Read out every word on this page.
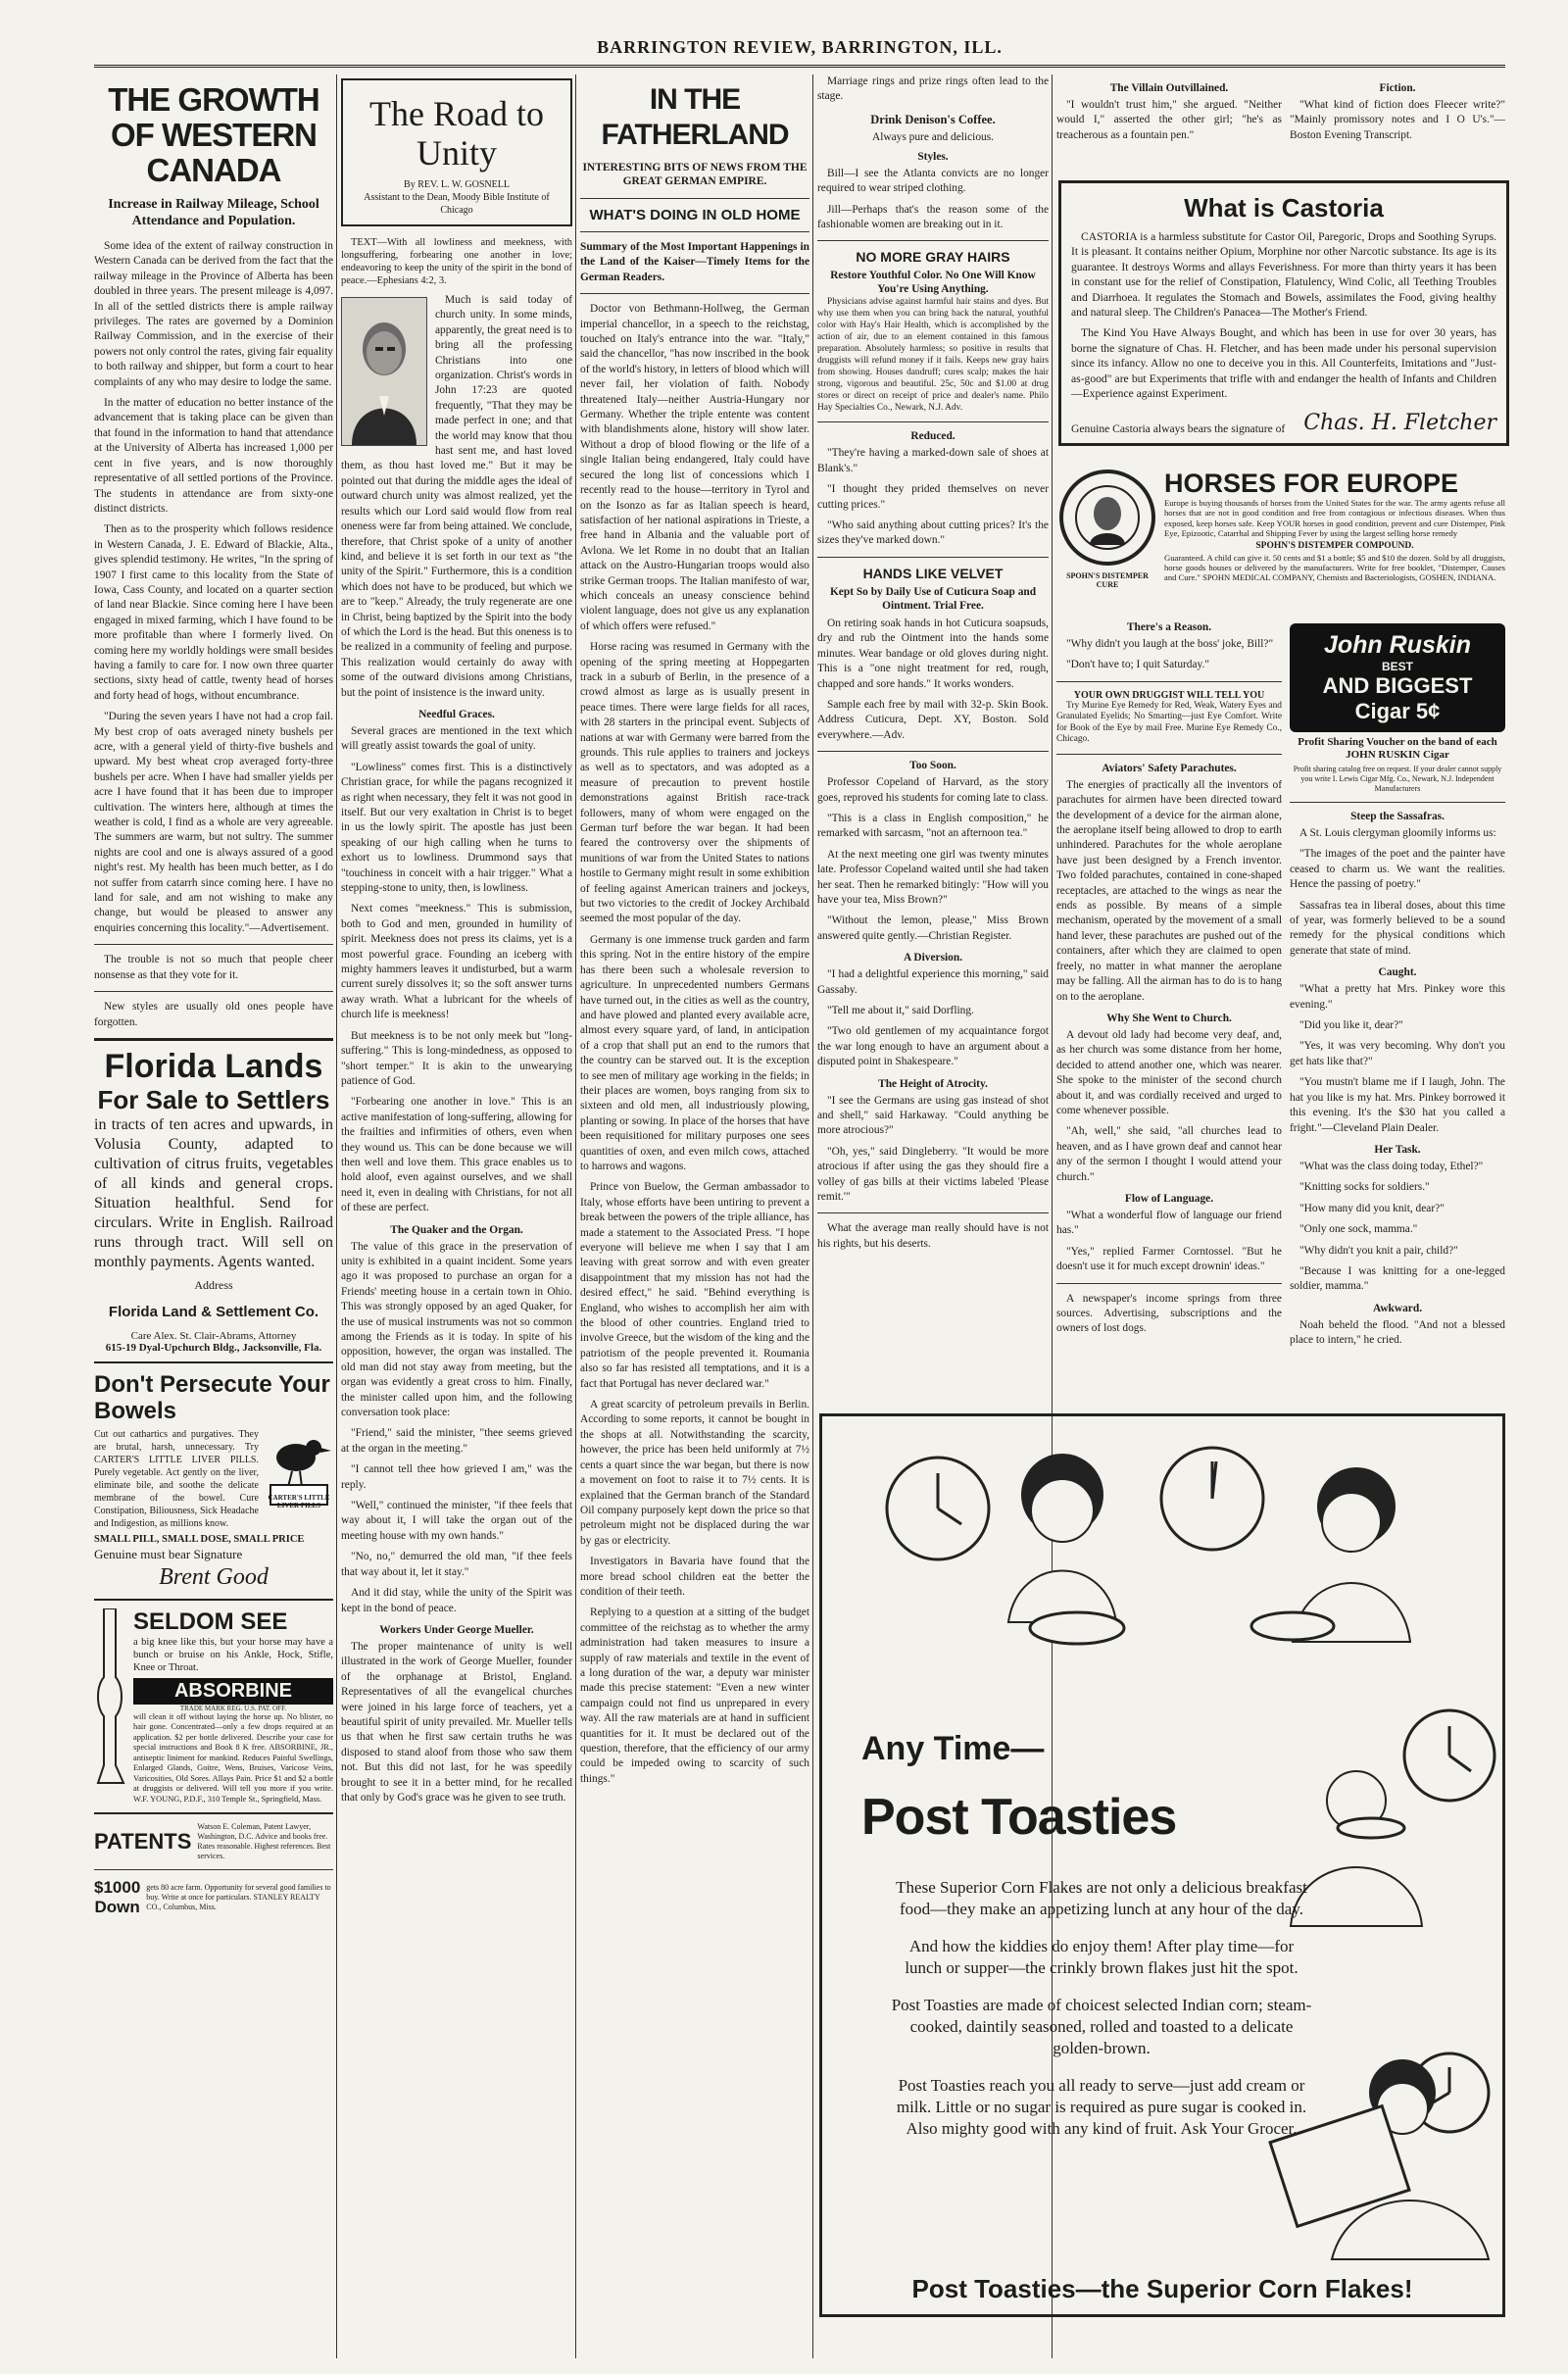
BARRINGTON REVIEW, BARRINGTON, ILL.
THE GROWTH OF WESTERN CANADA
Increase in Railway Mileage, School Attendance and Population.

Some idea of the extent of railway construction in Western Canada can be derived from the fact that the railway mileage in the Province of Alberta has been doubled in three years. The present mileage is 4,097. In all of the settled districts there is ample railway privileges. The rates are governed by a Dominion Railway Commission, and in the exercise of their powers not only control the rates, giving fair equality to both railway and shipper, but form a court to hear complaints of any who may desire to lodge the same.

In the matter of education no better instance of the advancement that is taking place can be given than that found in the information to hand that attendance at the University of Alberta has increased 1,000 per cent in five years, and is now thoroughly representative of all settled portions of the Province. The students in attendance are from sixty-one distinct districts.

Then as to the prosperity which follows residence in Western Canada, J. E. Edward of Blackie, Alta., gives splendid testimony. He writes, "In the spring of 1907 I first came to this locality from the State of Iowa, Cass County, and located on a quarter section of land near Blackie. Since coming here I have been engaged in mixed farming, which I have found to be more profitable than where I formerly lived. On coming here my worldly holdings were small besides having a family to care for. I now own three quarter sections, sixty head of cattle, twenty head of horses and forty head of hogs, without encumbrance.

"During the seven years I have not had a crop fail. My best crop of oats averaged ninety bushels per acre, with a general yield of thirty-five bushels and upward. My best wheat crop averaged forty-three bushels per acre. When I have had smaller yields per acre I have found that it has been due to improper cultivation. The winters here, although at times the weather is cold, I find as a whole are very agreeable. The summers are warm, but not sultry. The summer nights are cool and one is always assured of a good night's rest. My health has been much better, as I do not suffer from catarrh since coming here. I have no land for sale, and am not wishing to make any change, but would be pleased to answer any enquiries concerning this locality."—Advertisement.

The trouble is not so much that people cheer nonsense as that they vote for it.

New styles are usually old ones people have forgotten.

Florida Lands
For Sale to Settlers
in tracts of ten acres and upwards, in Volusia County, adapted to cultivation of citrus fruits, vegetables of all kinds and general crops. Situation healthful. Send for circulars. Write in English. Railroad runs through tract. Will sell on monthly payments. Agents wanted.
Address
Florida Land & Settlement Co.
Care Alex. St. Clair-Abrams, Attorney
615-19 Dyal-Upchurch Bldg., Jacksonville, Fla.
Don't Persecute Your Bowels
Cut out cathartics and purgatives. They are brutal, harsh, unnecessary. Try CARTER'S LITTLE LIVER PILLS. Purely vegetable. Act gently on the liver, eliminate bile, and soothe the delicate membrane of the bowel. Cure Constipation, Biliousness, Sick Headache and Indigestion, as millions know.
CARTER'S LITTLE LIVER PILLS
SMALL PILL, SMALL DOSE, SMALL PRICE
Genuine must bear Signature
Brent Good
SELDOM SEE
a big knee like this, but your horse may have a bunch or bruise on his Ankle, Hock, Stifle, Knee or Throat.
ABSORBINE
TRADE MARK REG. U.S. PAT. OFF.
will clean it off without laying the horse up. No blister, no hair gone. Concentrated—only a few drops required at an application. $2 per bottle delivered. Describe your case for special instructions and Book 8 K free. ABSORBINE, JR., antiseptic liniment for mankind. Reduces Painful Swellings, Enlarged Glands, Goitre, Wens, Bruises, Varicose Veins, Varicosities, Old Sores. Allays Pain. Price $1 and $2 a bottle at druggists or delivered. Will tell you more if you write. W.F. YOUNG, P.D.F., 310 Temple St., Springfield, Mass.
PATENTS
Watson E. Coleman, Patent Lawyer, Washington, D.C. Advice and books free. Rates reasonable. Highest references. Best services.
$1000 Down
gets 80 acre farm. Opportunity for several good families to buy. Write at once for particulars. STANLEY REALTY CO., Columbus, Miss.
The Road to Unity
By REV. L. W. GOSNELL
Assistant to the Dean, Moody Bible Institute of Chicago

TEXT—With all lowliness and meekness, with longsuffering, forbearing one another in love; endeavoring to keep the unity of the spirit in the bond of peace.—Ephesians 4:2, 3.

Much is said today of church unity. In some minds, apparently, the great need is to bring all the professing Christians into one organization. Christ's words in John 17:23 are quoted frequently, "That they may be made perfect in one; and that the world may know that thou hast sent me, and hast loved them, as thou hast loved me." But it may be pointed out that during the middle ages the ideal of outward church unity was almost realized, yet the results which our Lord said would flow from real oneness were far from being attained. We conclude, therefore, that Christ spoke of a unity of another kind, and believe it is set forth in our text as "the unity of the Spirit." Furthermore, this is a condition which does not have to be produced, but which we are to "keep." Already, the truly regenerate are one in Christ, being baptized by the Spirit into the body of which the Lord is the head. But this oneness is to be realized in a community of feeling and purpose. This realization would certainly do away with some of the outward divisions among Christians, but the point of insistence is the inward unity.

Needful Graces.

Several graces are mentioned in the text which will greatly assist towards the goal of unity.

"Lowliness" comes first. This is a distinctively Christian grace, for while the pagans recognized it as right when necessary, they felt it was not good in itself. But our very exaltation in Christ is to beget in us the lowly spirit. The apostle has just been speaking of our high calling when he turns to exhort us to lowliness. Drummond says that "touchiness in conceit with a hair trigger." What a stepping-stone to unity, then, is lowliness.

Next comes "meekness." This is submission, both to God and men, grounded in humility of spirit. Meekness does not press its claims, yet is a most powerful grace. Founding an iceberg with mighty hammers leaves it undisturbed, but a warm current surely dissolves it; so the soft answer turns away wrath. What a lubricant for the wheels of church life is meekness!

But meekness is to be not only meek but "long-suffering." This is long-mindedness, as opposed to "short temper." It is akin to the unwearying patience of God.

"Forbearing one another in love." This is an active manifestation of long-suffering, allowing for the frailties and infirmities of others, even when they wound us. This can be done because we will then well and love them. This grace enables us to hold aloof, even against ourselves, and we shall need it, even in dealing with Christians, for not all of these are perfect.

The Quaker and the Organ.

The value of this grace in the preservation of unity is exhibited in a quaint incident. Some years ago it was proposed to purchase an organ for a Friends' meeting house in a certain town in Ohio. This was strongly opposed by an aged Quaker, for the use of musical instruments was not so common among the Friends as it is today. In spite of his opposition, however, the organ was installed. The old man did not stay away from meeting, but the organ was evidently a great cross to him. Finally, the minister called upon him, and the following conversation took place:

"Friend," said the minister, "thee seems grieved at the organ in the meeting."

"I cannot tell thee how grieved I am," was the reply.

"Well," continued the minister, "if thee feels that way about it, I will take the organ out of the meeting house with my own hands."

"No, no," demurred the old man, "if thee feels that way about it, let it stay."

And it did stay, while the unity of the Spirit was kept in the bond of peace.

Workers Under George Mueller.

The proper maintenance of unity is well illustrated in the work of George Mueller, founder of the orphanage at Bristol, England. Representatives of all the evangelical churches were joined in his large force of teachers, yet a beautiful spirit of unity prevailed. Mr. Mueller tells us that when he first saw certain truths he was disposed to stand aloof from those who saw them not. But this did not last, for he was speedily brought to see it in a better mind, for he recalled that only by God's grace was he given to see truth.

IN THE FATHERLAND
INTERESTING BITS OF NEWS FROM THE GREAT GERMAN EMPIRE.
WHAT'S DOING IN OLD HOME

Summary of the Most Important Happenings in the Land of the Kaiser—Timely Items for the German Readers.

Doctor von Bethmann-Hollweg, the German imperial chancellor, in a speech to the reichstag, touched on Italy's entrance into the war. "Italy," said the chancellor, "has now inscribed in the book of the world's history, in letters of blood which will never fail, her violation of faith. Nobody threatened Italy—neither Austria-Hungary nor Germany. Whether the triple entente was content with blandishments alone, history will show later. Without a drop of blood flowing or the life of a single Italian being endangered, Italy could have secured the long list of concessions which I recently read to the house—territory in Tyrol and on the Isonzo as far as Italian speech is heard, satisfaction of her national aspirations in Trieste, a free hand in Albania and the valuable port of Avlona. We let Rome in no doubt that an Italian attack on the Austro-Hungarian troops would also strike German troops. The Italian manifesto of war, which conceals an uneasy conscience behind violent language, does not give us any explanation of which offers were refused."

Horse racing was resumed in Germany with the opening of the spring meeting at Hoppegarten track in a suburb of Berlin, in the presence of a crowd almost as large as is usually present in peace times. There were large fields for all races, with 28 starters in the principal event. Subjects of nations at war with Germany were barred from the grounds. This rule applies to trainers and jockeys as well as to spectators, and was adopted as a measure of precaution to prevent hostile demonstrations against British race-track followers, many of whom were engaged on the German turf before the war began. It had been feared the controversy over the shipments of munitions of war from the United States to nations hostile to Germany might result in some exhibition of feeling against American trainers and jockeys, but two victories to the credit of Jockey Archibald seemed the most popular of the day.

Germany is one immense truck garden and farm this spring. Not in the entire history of the empire has there been such a wholesale reversion to agriculture. In unprecedented numbers Germans have turned out, in the cities as well as the country, and have plowed and planted every available acre, almost every square yard, of land, in anticipation of a crop that shall put an end to the rumors that the country can be starved out. It is the exception to see men of military age working in the fields; in their places are women, boys ranging from six to sixteen and old men, all industriously plowing, planting or sowing. In place of the horses that have been requisitioned for military purposes one sees quantities of oxen, and even milch cows, attached to harrows and wagons.

Prince von Buelow, the German ambassador to Italy, whose efforts have been untiring to prevent a break between the powers of the triple alliance, has made a statement to the Associated Press. "I hope everyone will believe me when I say that I am leaving with great sorrow and with even greater disappointment that my mission has not had the desired effect," he said. "Behind everything is England, who wishes to accomplish her aim with the blood of other countries. England tried to involve Greece, but the wisdom of the king and the patriotism of the people prevented it. Roumania also so far has resisted all temptations, and it is a fact that Portugal has never declared war."

A great scarcity of petroleum prevails in Berlin. According to some reports, it cannot be bought in the shops at all. Notwithstanding the scarcity, however, the price has been held uniformly at 7½ cents a quart since the war began, but there is now a movement on foot to raise it to 7½ cents. It is explained that the German branch of the Standard Oil company purposely kept down the price so that petroleum might not be displaced during the war by gas or electricity.

Investigators in Bavaria have found that the more bread school children eat the better the condition of their teeth.

Replying to a question at a sitting of the budget committee of the reichstag as to whether the army administration had taken measures to insure a supply of raw materials and textile in the event of a long duration of the war, a deputy war minister made this precise statement: "Even a new winter campaign could not find us unprepared in every way. All the raw materials are at hand in sufficient quantities for it. It must be declared out of the question, therefore, that the efficiency of our army could be impeded owing to scarcity of such things."

Marriage rings and prize rings often lead to the stage.

Drink Denison's Coffee.
Always pure and delicious.
Styles.

Bill—I see the Atlanta convicts are no longer required to wear striped clothing.

Jill—Perhaps that's the reason some of the fashionable women are breaking out in it.

NO MORE GRAY HAIRS
Restore Youthful Color. No One Will Know You're Using Anything.

Physicians advise against harmful hair stains and dyes. But why use them when you can bring back the natural, youthful color with Hay's Hair Health, which is accomplished by the action of air, due to an element contained in this famous preparation. Absolutely harmless; so positive in results that druggists will refund money if it fails. Keeps new gray hairs from showing. Houses dandruff; cures scalp; makes the hair strong, vigorous and beautiful. 25c, 50c and $1.00 at drug stores or direct on receipt of price and dealer's name. Philo Hay Specialties Co., Newark, N.J. Adv.

Reduced.

"They're having a marked-down sale of shoes at Blank's."

"I thought they prided themselves on never cutting prices."

"Who said anything about cutting prices? It's the sizes they've marked down."

HANDS LIKE VELVET
Kept So by Daily Use of Cuticura Soap and Ointment. Trial Free.

On retiring soak hands in hot Cuticura soapsuds, dry and rub the Ointment into the hands some minutes. Wear bandage or old gloves during night. This is a "one night treatment for red, rough, chapped and sore hands." It works wonders.

Sample each free by mail with 32-p. Skin Book. Address Cuticura, Dept. XY, Boston. Sold everywhere.—Adv.

Too Soon.

Professor Copeland of Harvard, as the story goes, reproved his students for coming late to class.

"This is a class in English composition," he remarked with sarcasm, "not an afternoon tea."

At the next meeting one girl was twenty minutes late. Professor Copeland waited until she had taken her seat. Then he remarked bitingly: "How will you have your tea, Miss Brown?"

"Without the lemon, please," Miss Brown answered quite gently.—Christian Register.

A Diversion.

"I had a delightful experience this morning," said Gassaby.

"Tell me about it," said Dorfling.

"Two old gentlemen of my acquaintance forgot the war long enough to have an argument about a disputed point in Shakespeare."

The Height of Atrocity.

"I see the Germans are using gas instead of shot and shell," said Harkaway. "Could anything be more atrocious?"

"Oh, yes," said Dingleberry. "It would be more atrocious if after using the gas they should fire a volley of gas bills at their victims labeled 'Please remit.'"

What the average man really should have is not his rights, but his deserts.

The Villain Outvillained.

"I wouldn't trust him," she argued. "Neither would I," asserted the other girl; "he's as treacherous as a fountain pen."

Fiction.

"What kind of fiction does Fleecer write?" "Mainly promissory notes and I O U's."—Boston Evening Transcript.

What is Castoria

CASTORIA is a harmless substitute for Castor Oil, Paregoric, Drops and Soothing Syrups. It is pleasant. It contains neither Opium, Morphine nor other Narcotic substance. Its age is its guarantee. It destroys Worms and allays Feverishness. For more than thirty years it has been in constant use for the relief of Constipation, Flatulency, Wind Colic, all Teething Troubles and Diarrhoea. It regulates the Stomach and Bowels, assimilates the Food, giving healthy and natural sleep. The Children's Panacea—The Mother's Friend.

The Kind You Have Always Bought, and which has been in use for over 30 years, has borne the signature of Chas. H. Fletcher, and has been made under his personal supervision since its infancy. Allow no one to deceive you in this. All Counterfeits, Imitations and "Just-as-good" are but Experiments that trifle with and endanger the health of Infants and Children—Experience against Experiment.

Genuine Castoria always bears the signature of Chas. H. Fletcher
SPOHN'S DISTEMPER CURE
HORSES FOR EUROPE
Europe is buying thousands of horses from the United States for the war. The army agents refuse all horses that are not in good condition and free from contagious or infectious diseases. When thus exposed, keep horses safe. Keep YOUR horses in good condition, prevent and cure Distemper, Pink Eye, Epizootic, Catarrhal and Shipping Fever by using the largest selling horse remedy
SPOHN'S DISTEMPER COMPOUND.
Guaranteed. A child can give it. 50 cents and $1 a bottle; $5 and $10 the dozen. Sold by all druggists, horse goods houses or delivered by the manufacturers. Write for free booklet, "Distemper, Causes and Cure." SPOHN MEDICAL COMPANY, Chemists and Bacteriologists, GOSHEN, INDIANA.
There's a Reason.

"Why didn't you laugh at the boss' joke, Bill?"

"Don't have to; I quit Saturday."

YOUR OWN DRUGGIST WILL TELL YOU

Try Murine Eye Remedy for Red, Weak, Watery Eyes and Granulated Eyelids; No Smarting—just Eye Comfort. Write for Book of the Eye by mail Free. Murine Eye Remedy Co., Chicago.

Aviators' Safety Parachutes.

The energies of practically all the inventors of parachutes for airmen have been directed toward the development of a device for the airman alone, the aeroplane itself being allowed to drop to earth unhindered. Parachutes for the whole aeroplane have just been designed by a French inventor. Two folded parachutes, contained in cone-shaped receptacles, are attached to the wings as near the ends as possible. By means of a simple mechanism, operated by the movement of a small hand lever, these parachutes are pushed out of the containers, after which they are claimed to open freely, no matter in what manner the aeroplane may be falling. All the airman has to do is to hang on to the aeroplane.

Why She Went to Church.

A devout old lady had become very deaf, and, as her church was some distance from her home, decided to attend another one, which was nearer. She spoke to the minister of the second church about it, and was cordially received and urged to come whenever possible.

"Ah, well," she said, "all churches lead to heaven, and as I have grown deaf and cannot hear any of the sermon I thought I would attend your church."

Flow of Language.

"What a wonderful flow of language our friend has."

"Yes," replied Farmer Corntossel. "But he doesn't use it for much except drownin' ideas."

A newspaper's income springs from three sources. Advertising, subscriptions and the owners of lost dogs.

John Ruskin
BEST
AND BIGGEST Cigar 5¢
Profit Sharing Voucher on the band of each JOHN RUSKIN Cigar
Profit sharing catalog free on request. If your dealer cannot supply you write I. Lewis Cigar Mfg. Co., Newark, N.J. Independent Manufacturers
Steep the Sassafras.

A St. Louis clergyman gloomily informs us:

"The images of the poet and the painter have ceased to charm us. We want the realities. Hence the passing of poetry."

Sassafras tea in liberal doses, about this time of year, was formerly believed to be a sound remedy for the physical conditions which generate that state of mind.

Caught.

"What a pretty hat Mrs. Pinkey wore this evening."

"Did you like it, dear?"

"Yes, it was very becoming. Why don't you get hats like that?"

"You mustn't blame me if I laugh, John. The hat you like is my hat. Mrs. Pinkey borrowed it this evening. It's the $30 hat you called a fright."—Cleveland Plain Dealer.

Her Task.

"What was the class doing today, Ethel?"

"Knitting socks for soldiers."

"How many did you knit, dear?"

"Only one sock, mamma."

"Why didn't you knit a pair, child?"

"Because I was knitting for a one-legged soldier, mamma."

Awkward.

Noah beheld the flood. "And not a blessed place to intern," he cried.

Any Time—
Post Toasties

These Superior Corn Flakes are not only a delicious breakfast food—they make an appetizing lunch at any hour of the day.

And how the kiddies do enjoy them! After play time—for lunch or supper—the crinkly brown flakes just hit the spot.

Post Toasties are made of choicest selected Indian corn; steam-cooked, daintily seasoned, rolled and toasted to a delicate golden-brown.

Post Toasties reach you all ready to serve—just add cream or milk. Little or no sugar is required as pure sugar is cooked in. Also mighty good with any kind of fruit. Ask Your Grocer.

Post Toasties—the Superior Corn Flakes!
